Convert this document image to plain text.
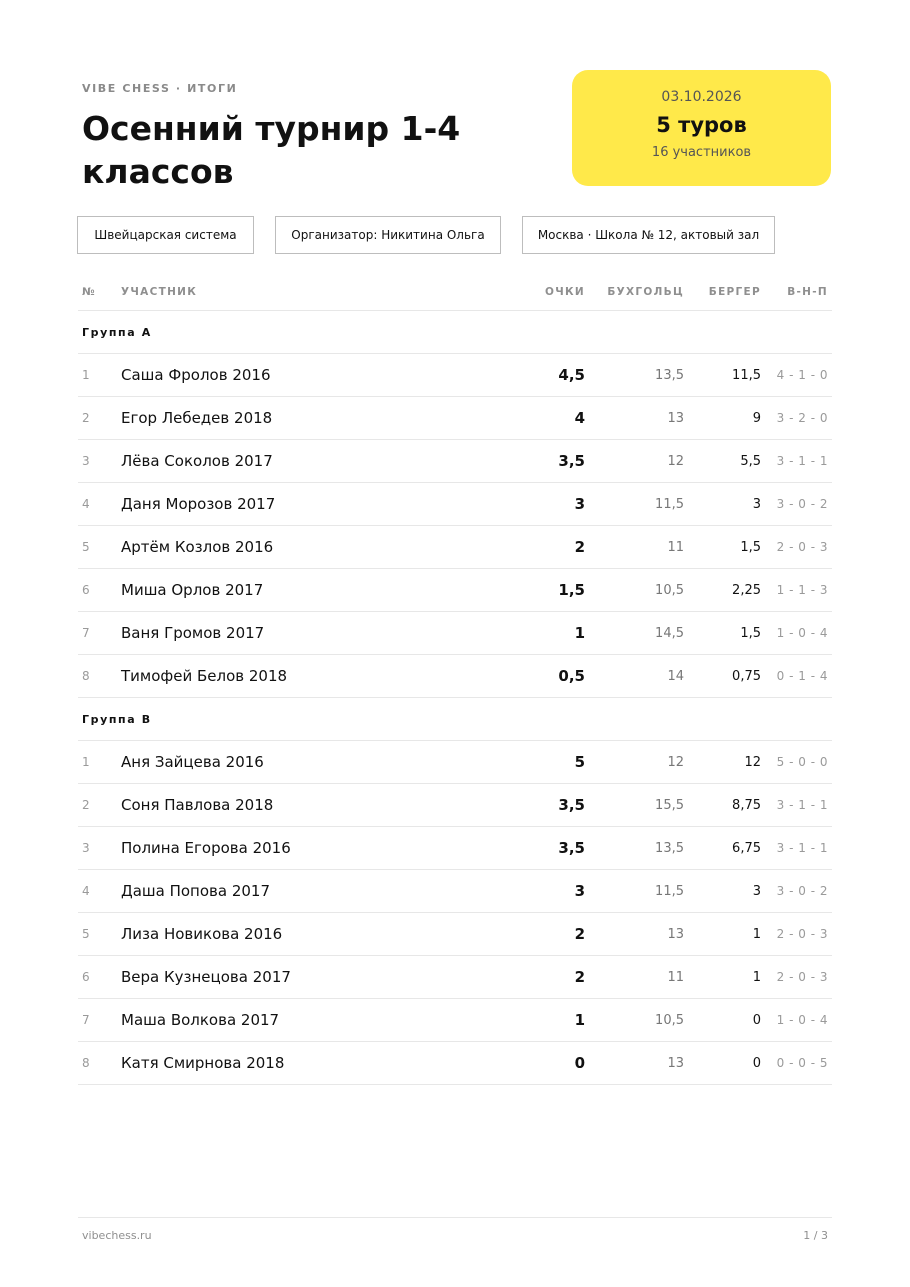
VIBE CHESS · ИТОГИ
Осенний турнир 1-4 классов
03.10.2026
5 туров
16 участников
Швейцарская система	Организатор: Никитина Ольга	Москва · Школа № 12, актовый зал
№	УЧАСТНИК	ОЧКИ БУХГОЛЬЦ БЕРГЕР В-Н-П
Группа A
1	Саша Фролов 2016	4,5	13,5	11,5 4 - 1 - 0
2	Егор Лебедев 2018	4	13	9 3 - 2 - 0
3	Лёва Соколов 2017	3,5	12	5,5 3 - 1 - 1
4	Даня Морозов 2017	3	11,5	3 3 - 0 - 2
5	Артём Козлов 2016	2	11	1,5 2 - 0 - 3
6	Миша Орлов 2017	1,5	10,5	2,25 1 - 1 - 3
7	Ваня Громов 2017	1	14,5	1,5 1 - 0 - 4
8	Тимофей Белов 2018	0,5	14	0,75 0 - 1 - 4
Группа B
1	Аня Зайцева 2016	5	12	12 5 - 0 - 0
2	Соня Павлова 2018	3,5	15,5	8,75 3 - 1 - 1
3	Полина Егорова 2016	3,5	13,5	6,75 3 - 1 - 1
4	Даша Попова 2017	3	11,5	3 3 - 0 - 2
5	Лиза Новикова 2016	2	13	1 2 - 0 - 3
6	Вера Кузнецова 2017	2	11	1 2 - 0 - 3
7	Маша Волкова 2017	1	10,5	0 1 - 0 - 4
8	Катя Смирнова 2018	0	13	0 0 - 0 - 5
vibechess.ru	1 / 3
